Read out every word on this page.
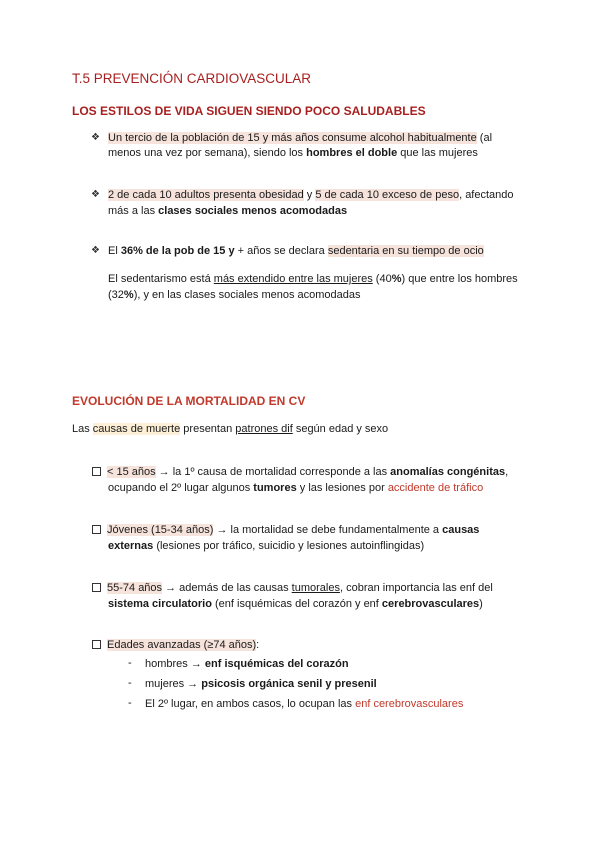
T.5 PREVENCIÓN CARDIOVASCULAR
LOS ESTILOS DE VIDA SIGUEN SIENDO POCO SALUDABLES
❖ Un tercio de la población de 15 y más años consume alcohol habitualmente (al
menos una vez por semana), siendo los hombres el doble que las mujeres
❖ 2 de cada 10 adultos presenta obesidad y 5 de cada 10 exceso de peso, afectando
más a las clases sociales menos acomodadas
❖ El 36% de la pob de 15 y + años se declara sedentaria en su tiempo de ocio
El sedentarismo está más extendido entre las mujeres (40%) que entre los hombres
(32%), y en las clases sociales menos acomodadas
EVOLUCIÓN DE LA MORTALIDAD EN CV
Las causas de muerte presentan patrones dif según edad y sexo
< 15 años → la 1º causa de mortalidad corresponde a las anomalías congénitas,
ocupando el 2º lugar algunos tumores y las lesiones por accidente de tráfico
Jóvenes (15-34 años) → la mortalidad se debe fundamentalmente a causas
externas (lesiones por tráfico, suicidio y lesiones autoinflingidas)
55-74 años → además de las causas tumorales, cobran importancia las enf del
sistema circulatorio (enf isquémicas del corazón y enf cerebrovasculares)
Edades avanzadas (≥74 años):
- hombres → enf isquémicas del corazón
- mujeres → psicosis orgánica senil y presenil
- El 2º lugar, en ambos casos, lo ocupan las enf cerebrovasculares
